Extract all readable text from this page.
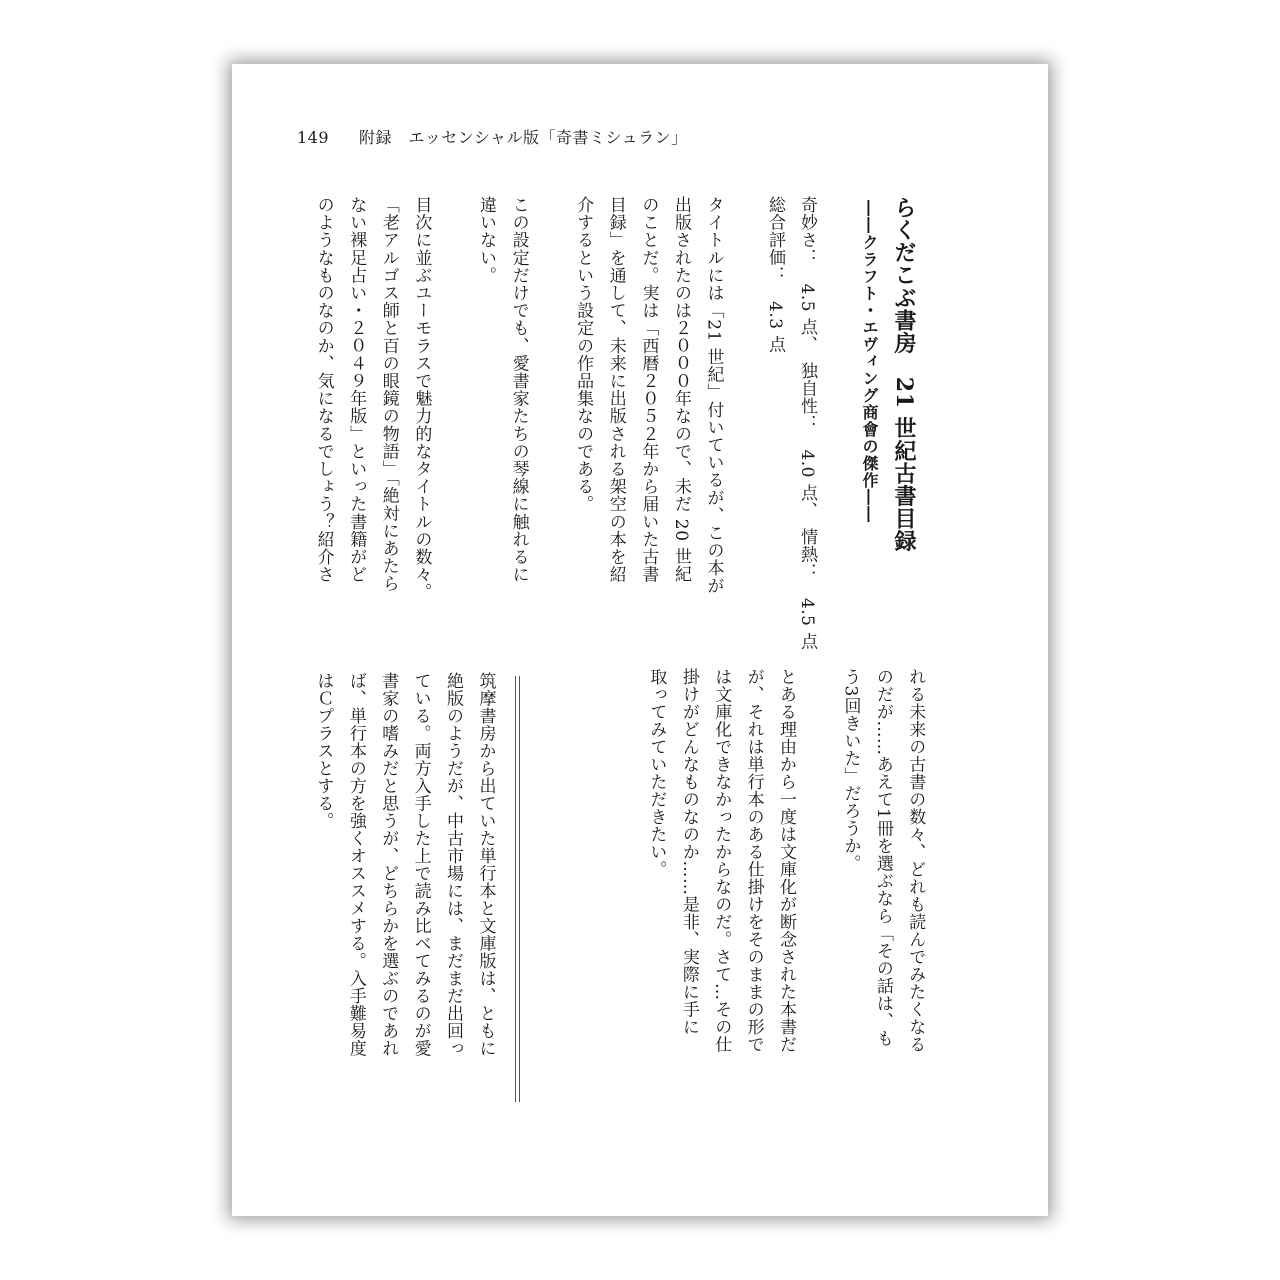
149 附録　エッセンシャル版「奇書ミシュラン」
らくだこぶ書房　21 世紀古書目録
――クラフト・エヴィング商會の傑作――
奇妙さ：　4.5 点、　独自性：　4.0 点、　情熱：　4.5 点
総合評価：　4.3 点
タイトルには「21 世紀」付いているが、この本が
出版されたのは２０００年なので、未だ 20 世紀
のことだ。実は「西暦２０５２年から届いた古書
目録」を通して、未来に出版される架空の本を紹
介するという設定の作品集なのである。
この設定だけでも、愛書家たちの琴線に触れるに
違いない。
目次に並ぶユーモラスで魅力的なタイトルの数々。
「老アルゴス師と百の眼鏡の物語」「絶対にあたら
ない裸足占い・２０４９年版」といった書籍がど
のようなものなのか、気になるでしょう？紹介さ
れる未来の古書の数々、どれも読んでみたくなる
のだが……あえて1冊を選ぶなら「その話は、も
う3回きいた」だろうか。
とある理由から一度は文庫化が断念された本書だ
が、それは単行本のある仕掛けをそのままの形で
は文庫化できなかったからなのだ。さて…その仕
掛けがどんなものなのか……是非、実際に手に
取ってみていただきたい。
筑摩書房から出ていた単行本と文庫版は、ともに
絶版のようだが、中古市場には、まだまだ出回っ
ている。両方入手した上で読み比べてみるのが愛
書家の嗜みだと思うが、どちらかを選ぶのであれ
ば、単行本の方を強くオススメする。入手難易度
はＣプラスとする。
